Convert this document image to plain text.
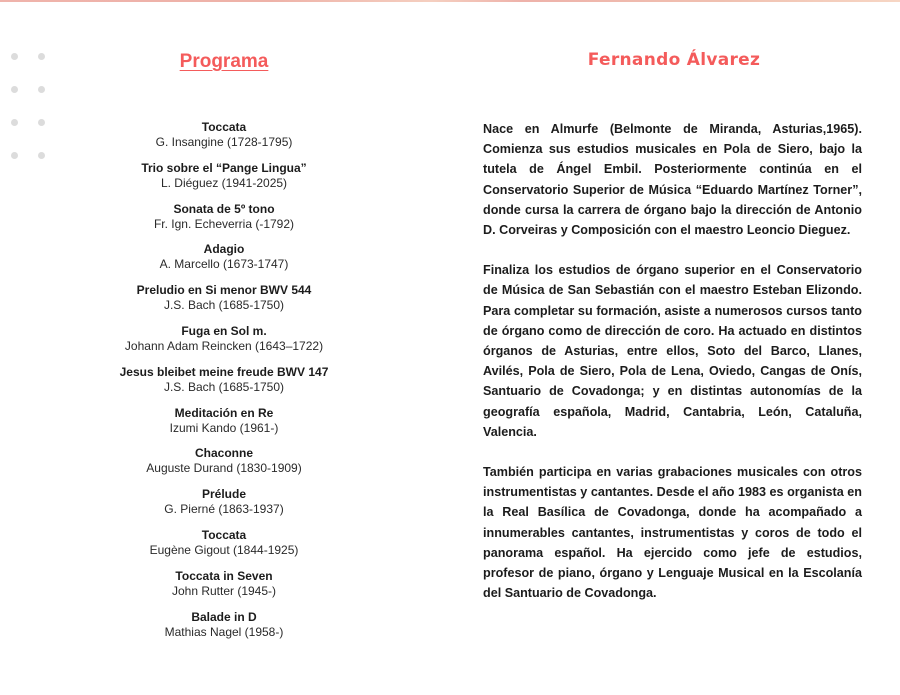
Programa
Toccata
G. Insangine (1728-1795)
Trio sobre el “Pange Lingua”
L. Diéguez (1941-2025)
Sonata de 5º tono
Fr. Ign. Echeverria (-1792)
Adagio
A. Marcello (1673-1747)
Preludio en Si menor BWV 544
J.S. Bach (1685-1750)
Fuga en Sol m.
Johann Adam Reincken (1643–1722)
Jesus bleibet meine freude BWV 147
J.S. Bach (1685-1750)
Meditación en Re
Izumi Kando (1961-)
Chaconne
Auguste Durand (1830-1909)
Prélude
G. Pierné (1863-1937)
Toccata
Eugène Gigout (1844-1925)
Toccata in Seven
John Rutter (1945-)
Balade in D
Mathias Nagel (1958-)
Fernando Álvarez

Nace en Almurfe (Belmonte de Miranda, Asturias,1965). Comienza sus estudios musicales en Pola de Siero, bajo la tutela de Ángel Embil. Posteriormente continúa en el Conservatorio Superior de Música “Eduardo Martínez Torner”, donde cursa la carrera de órgano bajo la dirección de Antonio D. Corveiras y Composición con el maestro Leoncio Dieguez.

Finaliza los estudios de órgano superior en el Conservatorio de Música de San Sebastián con el maestro Esteban Elizondo. Para completar su formación, asiste a numerosos cursos tanto de órgano como de dirección de coro. Ha actuado en distintos órganos de Asturias, entre ellos, Soto del Barco, Llanes, Avilés, Pola de Siero, Pola de Lena, Oviedo, Cangas de Onís, Santuario de Covadonga; y en distintas autonomías de la geografía española, Madrid, Cantabria, León, Cataluña, Valencia.

También participa en varias grabaciones musicales con otros instrumentistas y cantantes. Desde el año 1983 es organista en la Real Basílica de Covadonga, donde ha acompañado a innumerables cantantes, instrumentistas y coros de todo el panorama español. Ha ejercido como jefe de estudios, profesor de piano, órgano y Lenguaje Musical en la Escolanía del Santuario de Covadonga.
